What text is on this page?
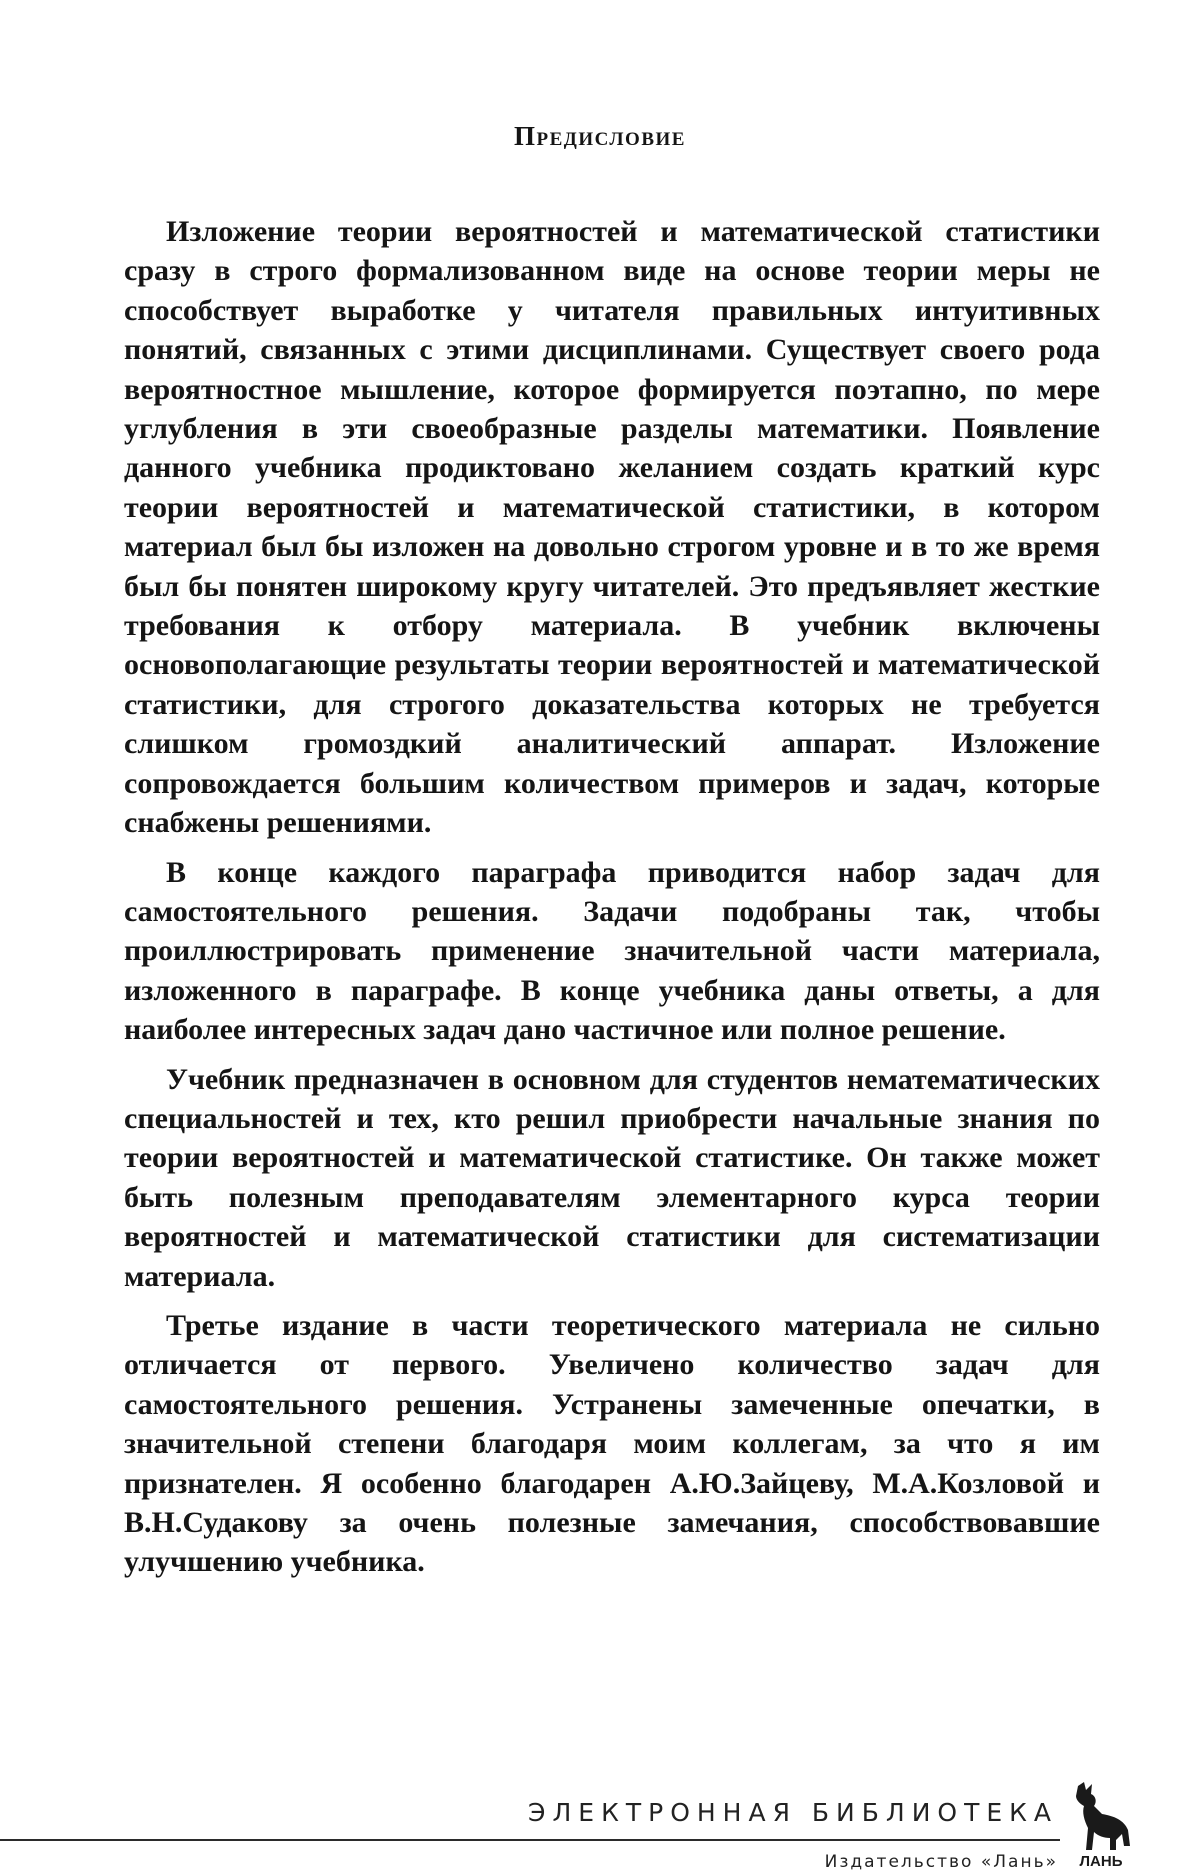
Предисловие

Изложение теории вероятностей и математической статистики сразу в строго формализованном виде на основе теории меры не способствует выработке у читателя правильных интуитивных понятий, связанных с этими дисциплинами. Существует своего рода вероятностное мышление, которое формируется поэтапно, по мере углубления в эти своеобразные разделы математики. Появление данного учебника продиктовано желанием создать краткий курс теории вероятностей и математической статистики, в котором материал был бы изложен на довольно строгом уровне и в то же время был бы понятен широкому кругу читателей. Это предъявляет жесткие требования к отбору материала. В учебник включены основополагающие результаты теории вероятностей и математической статистики, для строгого доказательства которых не требуется слишком громоздкий аналитический аппарат. Изложение сопровождается большим количеством примеров и задач, которые снабжены решениями.

В конце каждого параграфа приводится набор задач для самостоятельного решения. Задачи подобраны так, чтобы проиллюстрировать применение значительной части материала, изложенного в параграфе. В конце учебника даны ответы, а для наиболее интересных задач дано частичное или полное решение.

Учебник предназначен в основном для студентов нематематических специальностей и тех, кто решил приобрести начальные знания по теории вероятностей и математической статистике. Он также может быть полезным преподавателям элементарного курса теории вероятностей и математической статистики для систематизации материала.

Третье издание в части теоретического материала не сильно отличается от первого. Увеличено количество задач для самостоятельного решения. Устранены замеченные опечатки, в значительной степени благодаря моим коллегам, за что я им признателен. Я особенно благодарен А.Ю.Зайцеву, М.А.Козловой и В.Н.Судакову за очень полезные замечания, способствовавшие улучшению учебника.

ЭЛЕКТРОННАЯ БИБЛИОТЕКА
Издательство «Лань» ЛАНЬ
